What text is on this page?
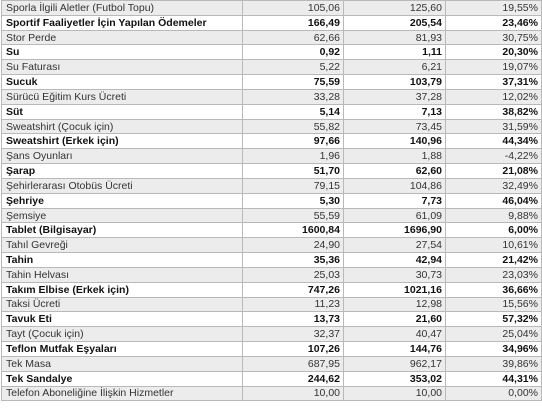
Sporla İlgili Aletler (Futbol Topu)	105,06	125,60	19,55%
Sportif Faaliyetler İçin Yapılan Ödemeler	166,49	205,54	23,46%
Stor Perde	62,66	81,93	30,75%
Su	0,92	1,11	20,30%
Su Faturası	5,22	6,21	19,07%
Sucuk	75,59	103,79	37,31%
Sürücü Eğitim Kurs Ücreti	33,28	37,28	12,02%
Süt	5,14	7,13	38,82%
Sweatshirt (Çocuk için)	55,82	73,45	31,59%
Sweatshirt (Erkek için)	97,66	140,96	44,34%
Şans Oyunları	1,96	1,88	-4,22%
Şarap	51,70	62,60	21,08%
Şehirlerarası Otobüs Ücreti	79,15	104,86	32,49%
Şehriye	5,30	7,73	46,04%
Şemsiye	55,59	61,09	9,88%
Tablet (Bilgisayar)	1600,84	1696,90	6,00%
Tahıl Gevreği	24,90	27,54	10,61%
Tahin	35,36	42,94	21,42%
Tahin Helvası	25,03	30,73	23,03%
Takım Elbise (Erkek için)	747,26	1021,16	36,66%
Taksi Ücreti	11,23	12,98	15,56%
Tavuk Eti	13,73	21,60	57,32%
Tayt (Çocuk için)	32,37	40,47	25,04%
Teflon Mutfak Eşyaları	107,26	144,76	34,96%
Tek Masa	687,95	962,17	39,86%
Tek Sandalye	244,62	353,02	44,31%
Telefon Aboneliğine İlişkin Hizmetler	10,00	10,00	0,00%
